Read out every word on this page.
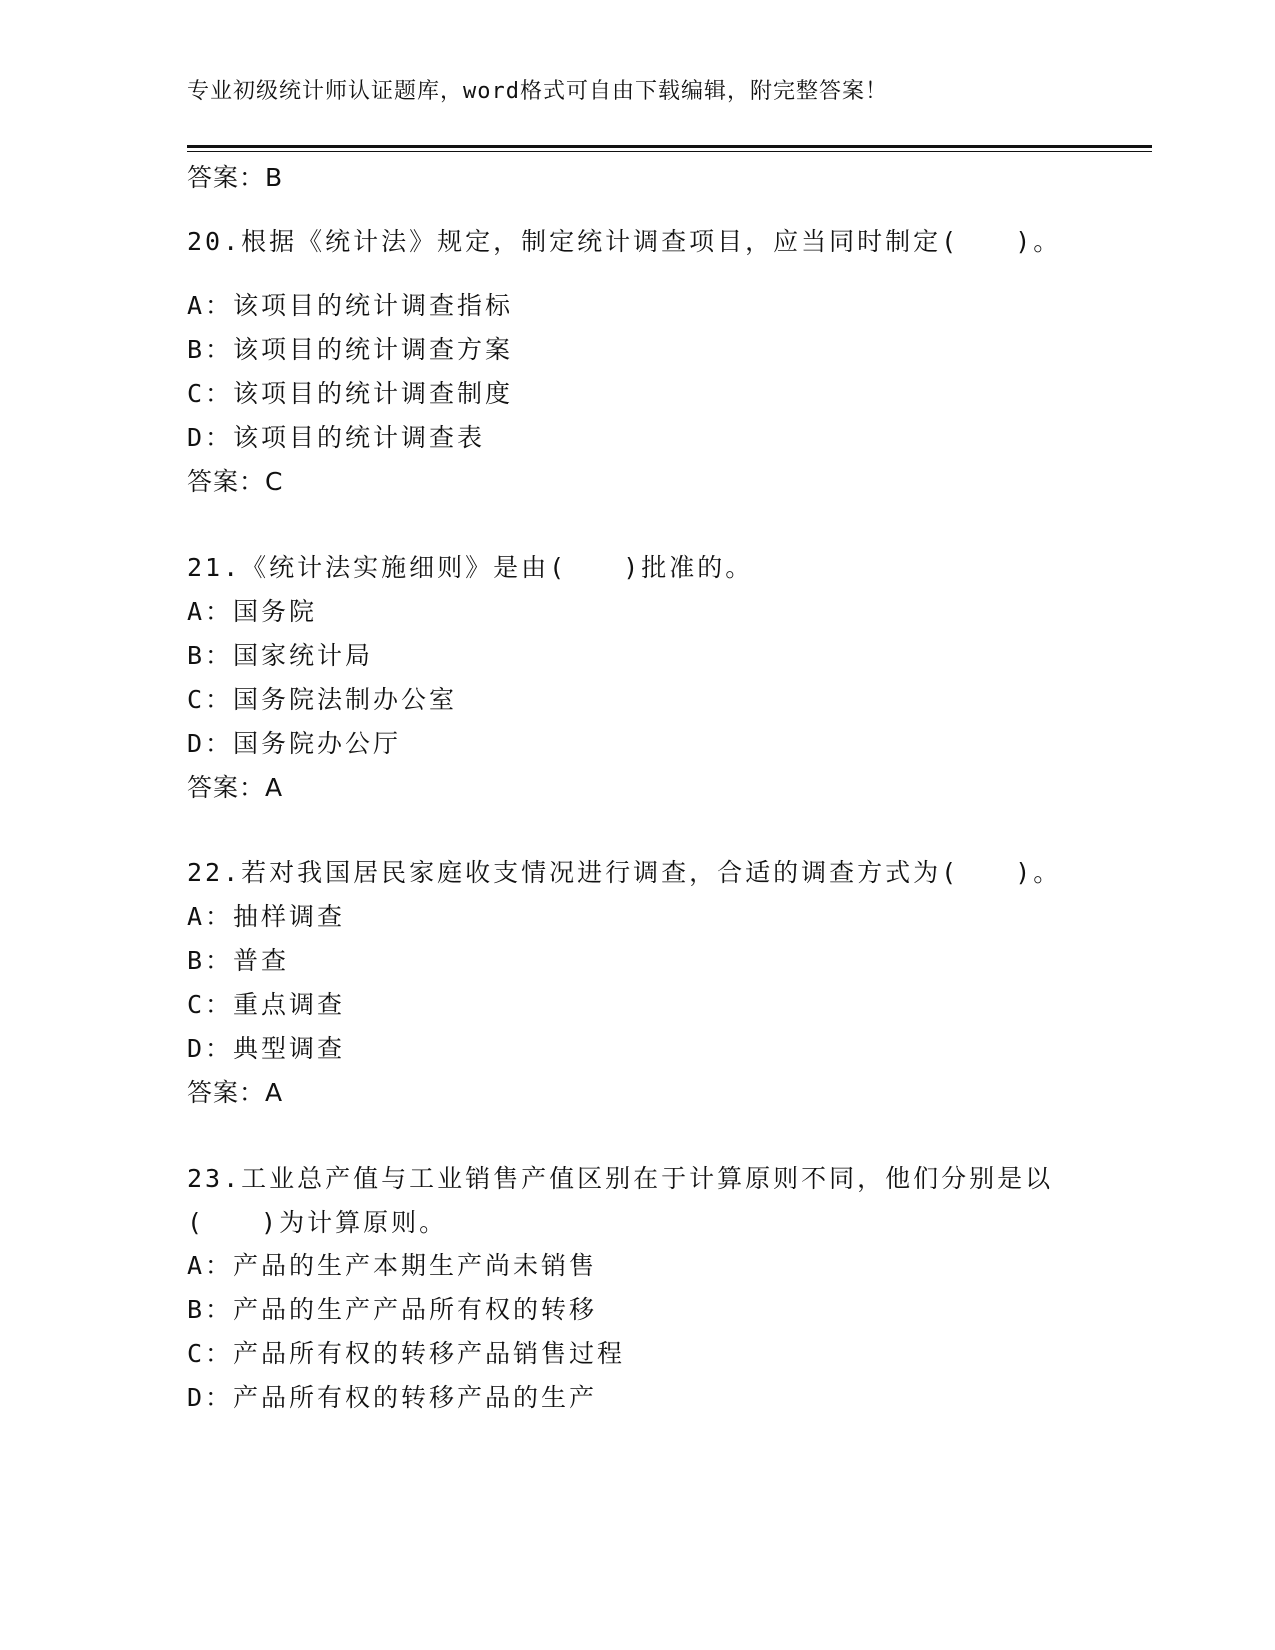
专业初级统计师认证题库，word格式可自由下载编辑，附完整答案！
答案：B
20.根据《统计法》规定，制定统计调查项目，应当同时制定(　　)。
A：该项目的统计调查指标
B：该项目的统计调查方案
C：该项目的统计调查制度
D：该项目的统计调查表
答案：C
21.《统计法实施细则》是由(　　)批准的。
A：国务院
B：国家统计局
C：国务院法制办公室
D：国务院办公厅
答案：A
22.若对我国居民家庭收支情况进行调查，合适的调查方式为(　　)。
A：抽样调查
B：普查
C：重点调查
D：典型调查
答案：A
23.工业总产值与工业销售产值区别在于计算原则不同，他们分别是以
(　　)为计算原则。
A：产品的生产本期生产尚未销售
B：产品的生产产品所有权的转移
C：产品所有权的转移产品销售过程
D：产品所有权的转移产品的生产
